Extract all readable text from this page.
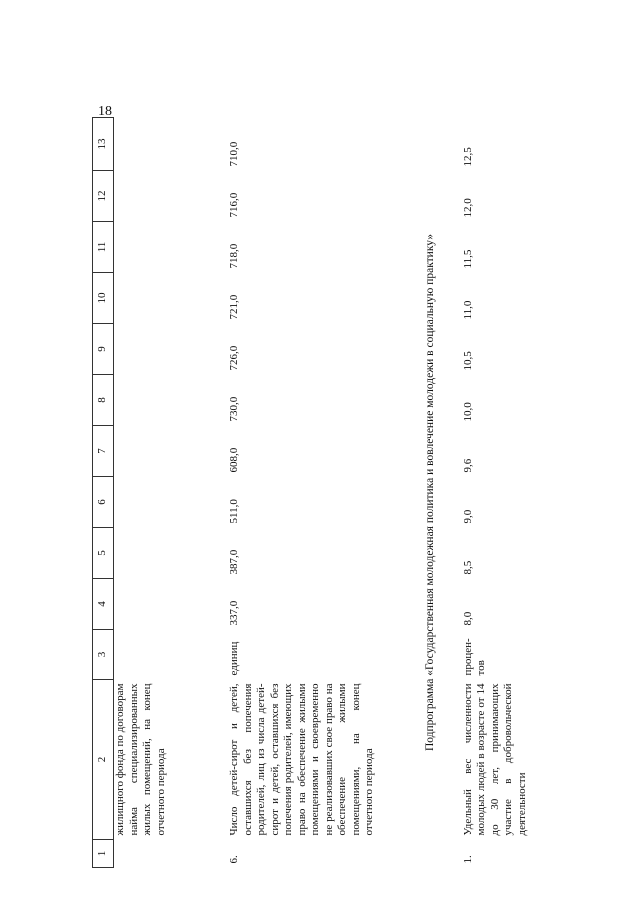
18
1	2	3	4	5	6	7	8	9	10	11	12	13
	жилищного фонда по договорам найма специализированных жилых помещений, на конец отчетного периода											
6.	Число детей-сирот и детей, оставшихся без попечения родителей, лиц из числа детей-сирот и детей, оставшихся без попечения родителей, имеющих право на обеспечение жилыми помещениями и своевременно не реализовавших свое право на обеспечение жилыми помещениями, на конец отчетного периода	единиц	337,0	387,0	511,0	608,0	730,0	726,0	721,0	718,0	716,0	710,0
Подпрограмма «Государственная молодежная политика и вовлечение молодежи в социальную практику»												
1.	Удельный вес численности молодых людей в возрасте от 14 до 30 лет, принимающих участие в добровольческой деятельности	процен-тов	8,0	8,5	9,0	9,6	10,0	10,5	11,0	11,5	12,0	12,5
